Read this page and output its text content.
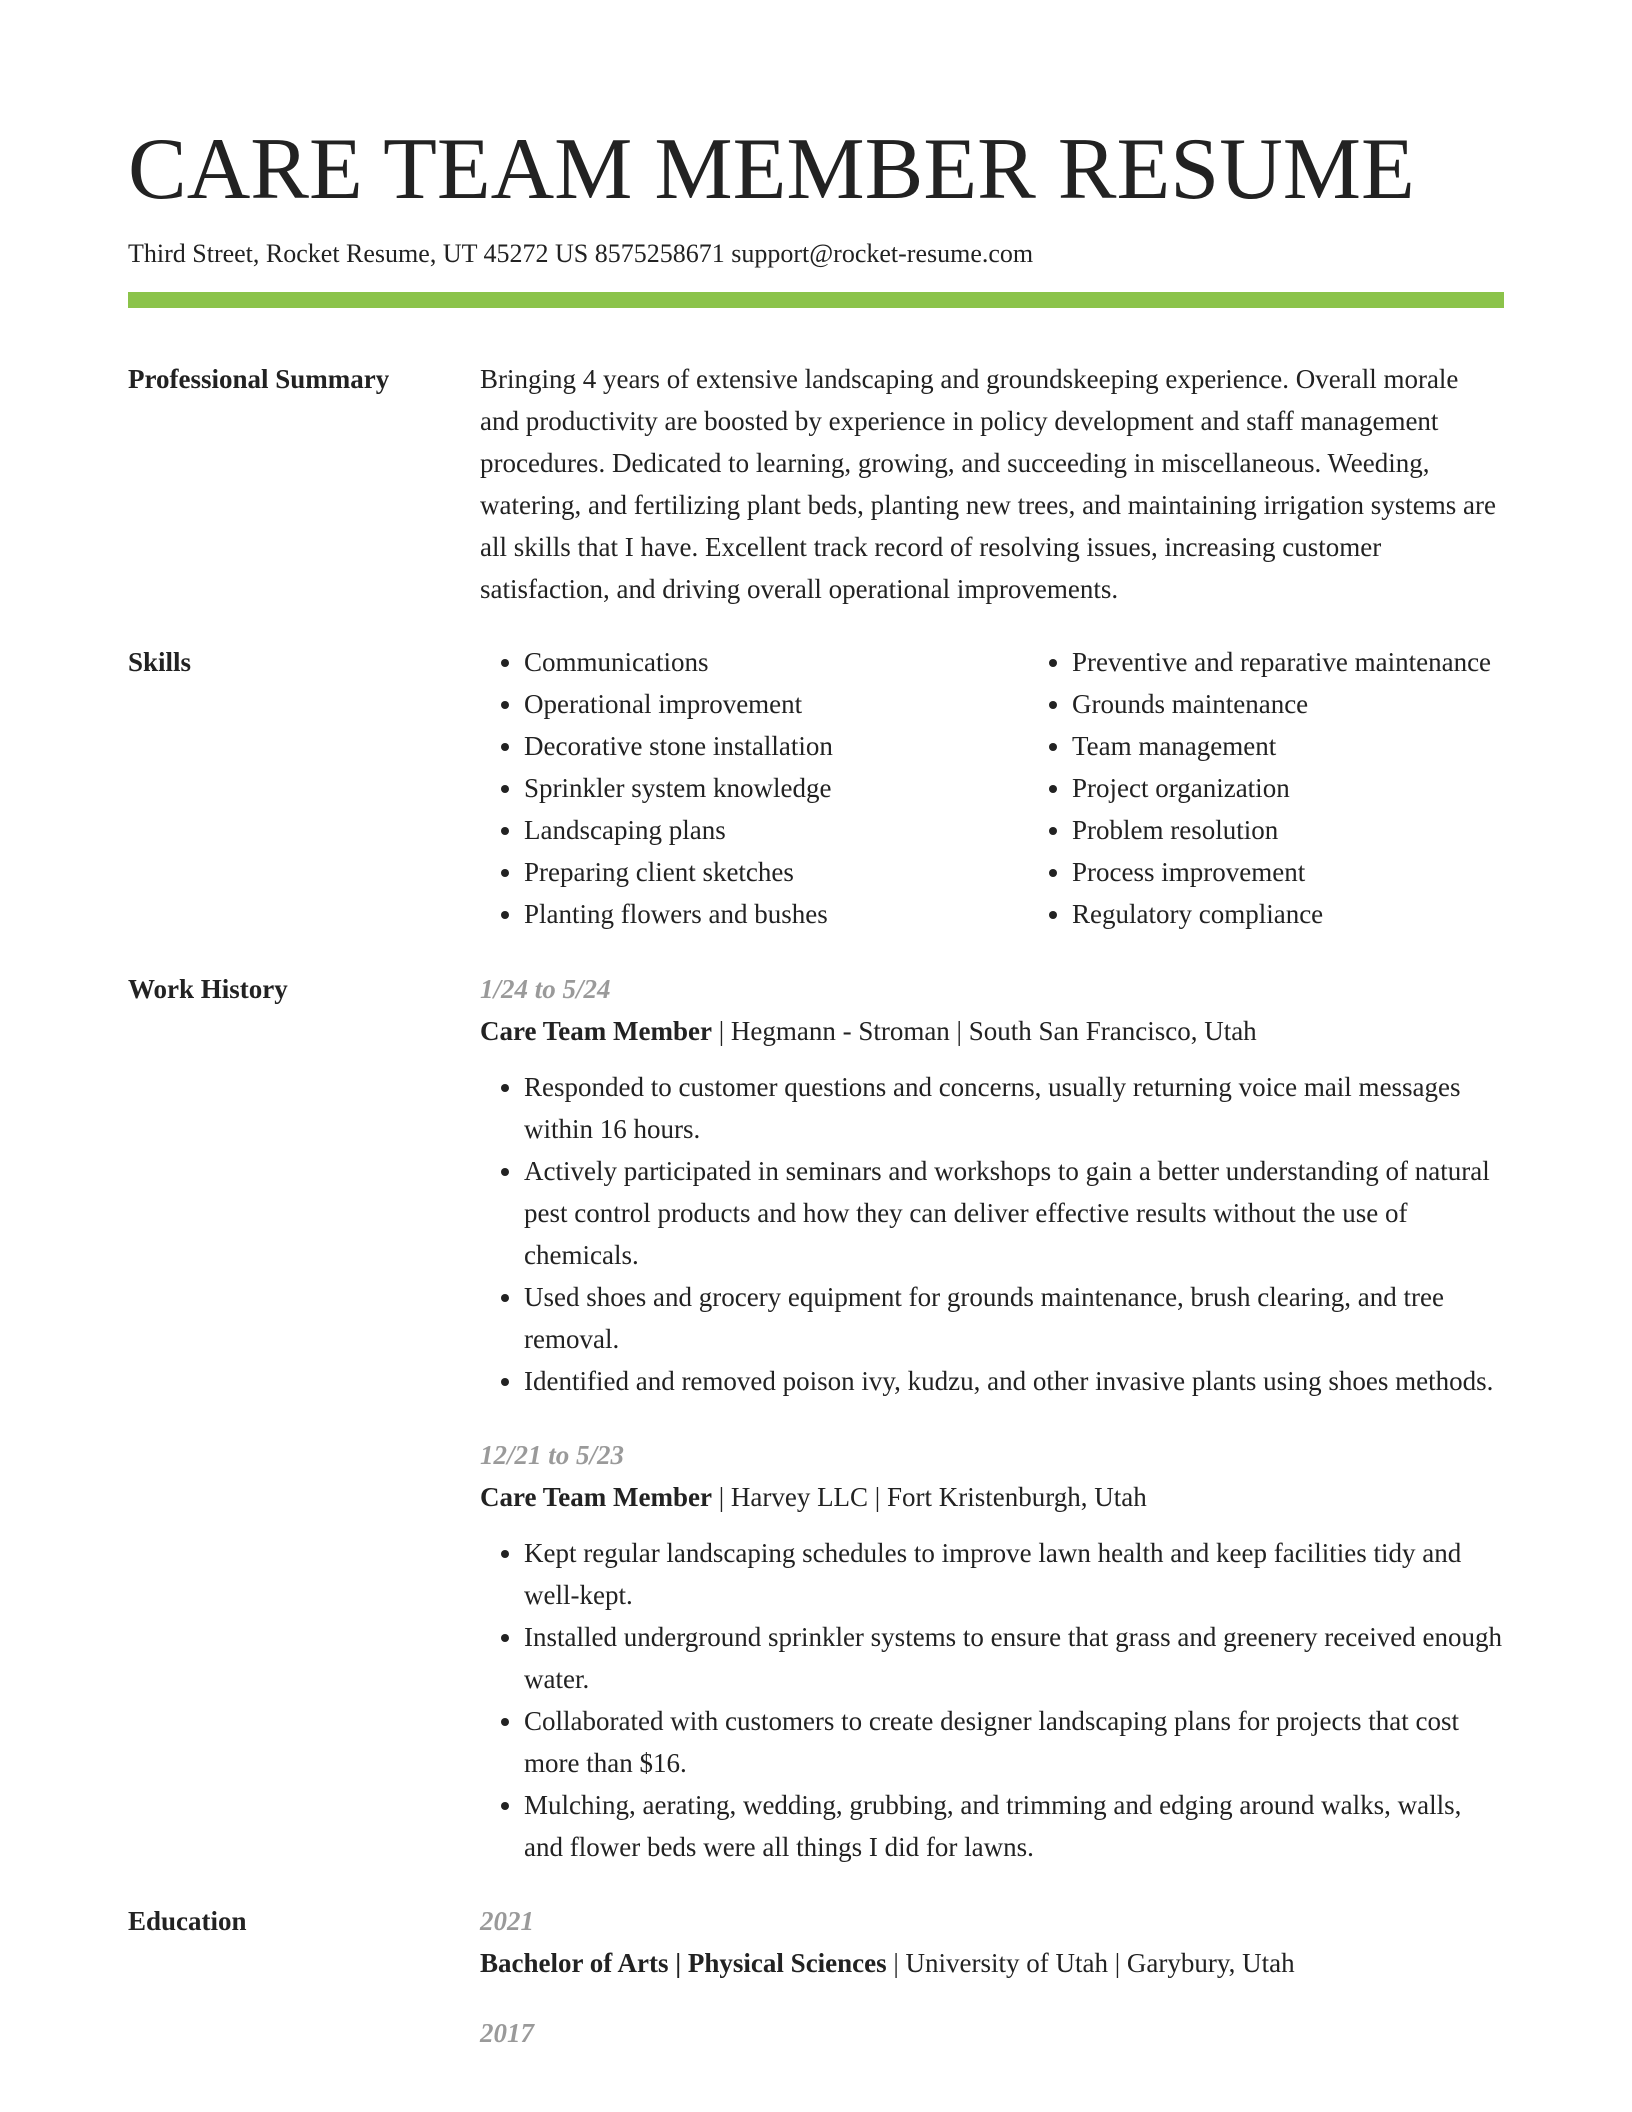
CARE TEAM MEMBER RESUME
Third Street, Rocket Resume, UT 45272 US 8575258671 support@rocket-resume.com
Professional Summary	Bringing 4 years of extensive landscaping and groundskeeping experience. Overall morale and productivity are boosted by experience in policy development and staff management procedures. Dedicated to learning, growing, and succeeding in miscellaneous. Weeding, watering, and fertilizing plant beds, planting new trees, and maintaining irrigation systems are all skills that I have. Excellent track record of resolving issues, increasing customer satisfaction, and driving overall operational improvements.
Skills
•	Communications
• Operational improvement
• Decorative stone installation
• Sprinkler system knowledge
• Landscaping plans
• Preparing client sketches
• Planting flowers and bushes
• Preventive and reparative maintenance
• Grounds maintenance
• Team management
• Project organization
• Problem resolution
• Process improvement
• Regulatory compliance
Work History	1/24 to 5/24
Care Team Member | Hegmann - Stroman | South San Francisco, Utah
• Responded to customer questions and concerns, usually returning voice mail messages within 16 hours.
• Actively participated in seminars and workshops to gain a better understanding of natural pest control products and how they can deliver effective results without the use of chemicals.
• Used shoes and grocery equipment for grounds maintenance, brush clearing, and tree removal.
• Identified and removed poison ivy, kudzu, and other invasive plants using shoes methods.
12/21 to 5/23
Care Team Member | Harvey LLC | Fort Kristenburgh, Utah
• Kept regular landscaping schedules to improve lawn health and keep facilities tidy and well-kept.
• Installed underground sprinkler systems to ensure that grass and greenery received enough water.
• Collaborated with customers to create designer landscaping plans for projects that cost more than $16.
• Mulching, aerating, wedding, grubbing, and trimming and edging around walks, walls, and flower beds were all things I did for lawns.
Education	2021
Bachelor of Arts | Physical Sciences | University of Utah | Garybury, Utah
2017
